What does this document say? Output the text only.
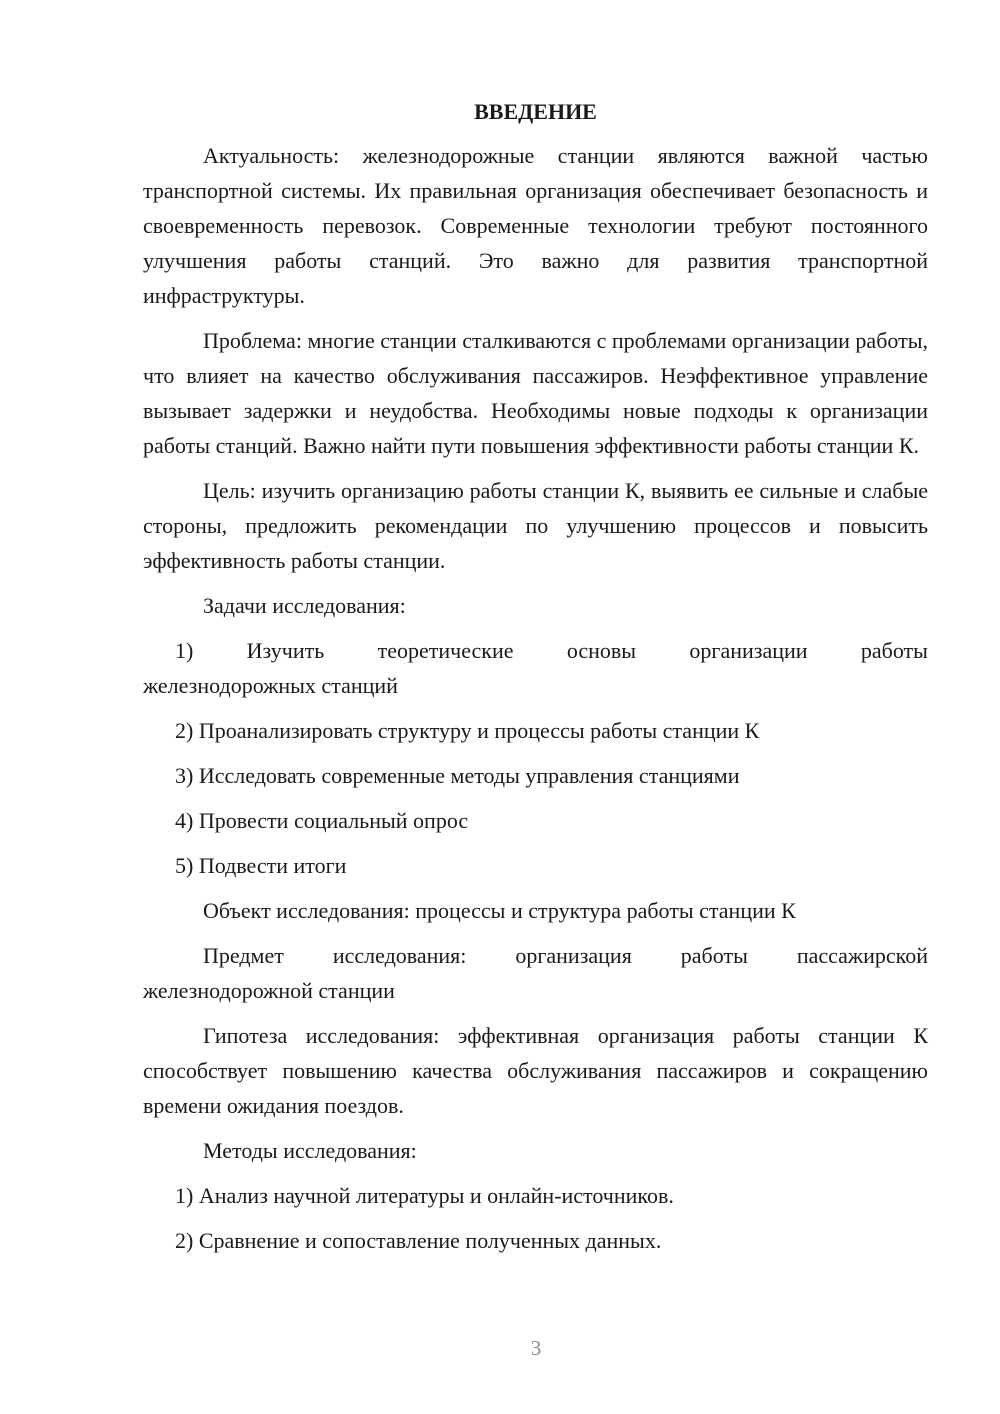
ВВЕДЕНИЕ

Актуальность: железнодорожные станции являются важной частью транспортной системы. Их правильная организация обеспечивает безопасность и своевременность перевозок. Современные технологии требуют постоянного улучшения работы станций. Это важно для развития транспортной инфраструктуры.

Проблема: многие станции сталкиваются с проблемами организации работы, что влияет на качество обслуживания пассажиров. Неэффективное управление вызывает задержки и неудобства. Необходимы новые подходы к организации работы станций. Важно найти пути повышения эффективности работы станции К.

Цель: изучить организацию работы станции К, выявить ее сильные и слабые стороны, предложить рекомендации по улучшению процессов и повысить эффективность работы станции.

Задачи исследования:
1) Изучить теоретические основы организации работы
железнодорожных станций
2) Проанализировать структуру и процессы работы станции К
3) Исследовать современные методы управления станциями
4) Провести социальный опрос
5) Подвести итоги
Объект исследования: процессы и структура работы станции К
Предмет исследования: организация работы пассажирской
железнодорожной станции

Гипотеза исследования: эффективная организация работы станции К способствует повышению качества обслуживания пассажиров и сокращению времени ожидания поездов.

Методы исследования:
1) Анализ научной литературы и онлайн-источников.
2) Сравнение и сопоставление полученных данных.
3
